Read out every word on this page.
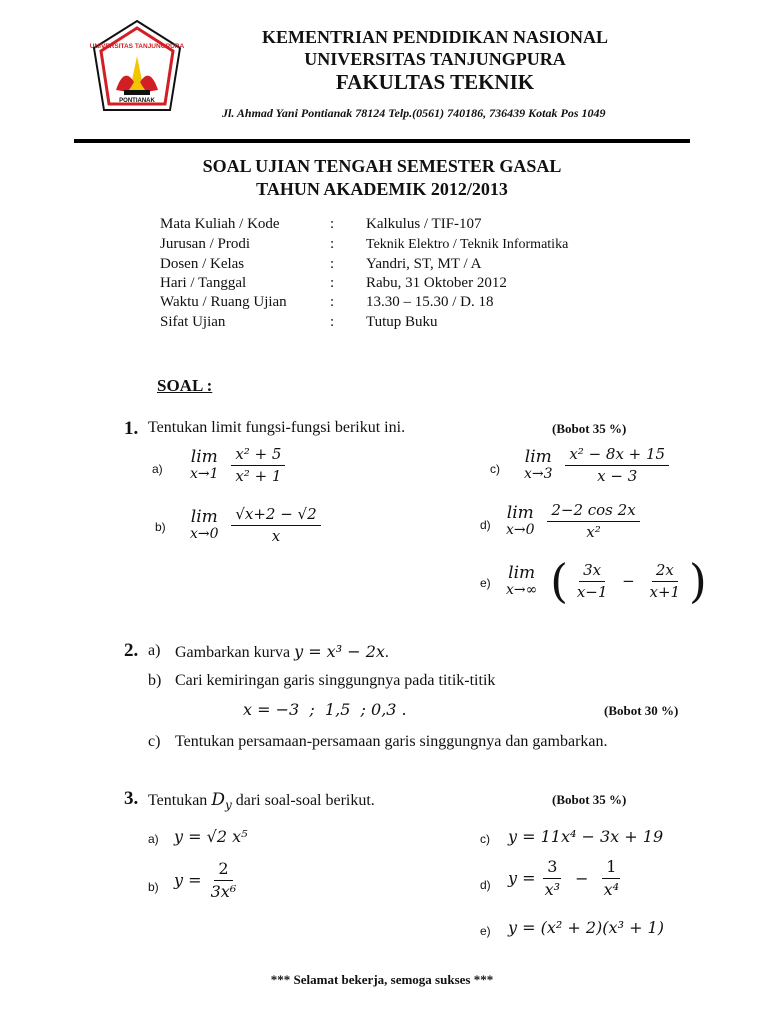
UNIVERSITAS TANJUNGPURA
PONTIANAK
KEMENTRIAN PENDIDIKAN NASIONAL
UNIVERSITAS TANJUNGPURA
FAKULTAS TEKNIK
Jl. Ahmad Yani Pontianak 78124 Telp.(0561) 740186, 736439 Kotak Pos 1049
SOAL UJIAN TENGAH SEMESTER GASAL
TAHUN AKADEMIK 2012/2013
Mata Kuliah / Kode	: Kalkulus / TIF-107
Jurusan / Prodi	: Teknik Elektro / Teknik Informatika
Dosen / Kelas	: Yandri, ST, MT / A
Hari / Tanggal	: Rabu, 31 Oktober 2012
Waktu / Ruang Ujian	: 13.30 – 15.30 / D. 18
Sifat Ujian	: Tutup Buku
SOAL :
1. Tentukan limit fungsi-fungsi berikut ini.	(Bobot 35 %)
a)
lim
x→1
$\frac{\text{x² + 5}}{\text{x² + 1}}$	c)
lim
x→3
$\frac{\text{x² − 8x + 15}}{x - 3}$
b)
lim
x→0
$\frac{√x+2 - √2}{x}$	d)
lim
x→0
$\frac{2-2 \cos 2x}{\text{x²}}$
e)
lim
x→∞ ( $\frac{3x}{x-1} - \frac{2x}{x+1}$ )
2. a) Gambarkan kurva y = x³ − 2x.
b) Cari kemiringan garis singgungnya pada titik-titik
x = −3  ;  1,5  ; 0,3 .	(Bobot 30 %)
c) Tentukan persamaan-persamaan garis singgungnya dan gambarkan.
3. Tentukan $D_y$ dari soal-soal berikut.	(Bobot 35 %)
a) y = √2 x⁵	c) y = 11x⁴ − 3x + 19
b) $y = \frac{2}{\text{3x⁶}}$	d) $y = \frac{3}{\text{x³}} - \frac{1}{\text{x⁴}}$
e) y = (x² + 2)(x³ + 1)
*** Selamat bekerja, semoga sukses ***
